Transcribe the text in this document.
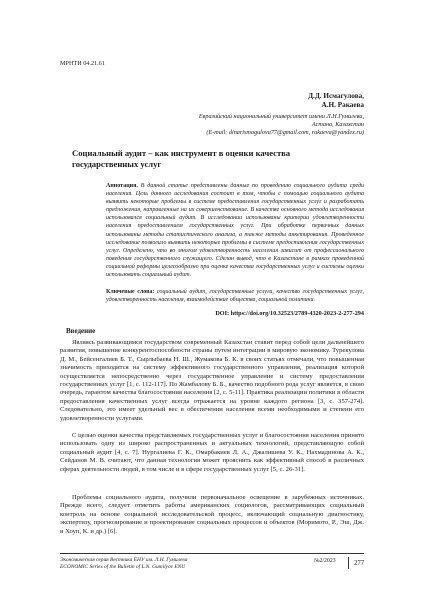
МРНТИ 04.21.61
Д.Д. Исмагулова,
А.Н. Ракаева
Евразийский национальный университет имени Л.Н.Гумилева,
Астана, Казахстан
(E-mail: dinarismagulova77@gmail.com, rakaeva@yandex.ru)
Социальный аудит – как инструмент в оценки качества
государственных услуг
Аннотация. В данной статье представлены данные по проведению социального аудита среди населения. Цель данного исследования состоит в том, чтобы с помощью социального аудита выявить некоторые проблемы в системе предоставления государственных услуг и разработать предложения, направленные на их совершенствование. В качестве основного метода исследования использовался социальный аудит. В исследовании использованы критерии удовлетворенности населения предоставлением государственных услуг. При обработке первичных данных использованы методы статистического анализа, а также методы анкетирования. Проведенное исследование позволило выявить некоторые проблемы в системе предоставления государственных услуг. Определено, что во многом удовлетворенность населения зависит от профессионального поведения государственного служащего. Сделан вывод, что в Казахстане в рамках проведенной социальной реформы целесообразно при оценке качества государственных услуг и системы оценки использовать социальный аудит.
Ключевые слова: социальный аудит, государственные услуги, качество государственных услуг, удовлетворенность населения, взаимодействие общества, социальной политики.
DOI: https://doi.org/10.32523/2789-4320-2023-2-277-294
Введение
Являясь развивающимся государством современный Казахстан ставит перед собой цели дальнейшего развития, повышение конкурентоспособности страны путем интеграции в мировую экономику. Турекулова Д. М., Бейсенгалиев Б. Т., Сырлыбаева Н. Ш., Жумакова Б. К. в своих статьях отмечали, что повышенная значимость приходится на систему эффективного государственного управления, реализация которой осуществляется непосредственно через государственное управление и систему предоставления государственных услуг [1, с. 112-117]. По Жамбалову Б. Б., качество подобного рода услуг является, в свою очередь, гарантом качества благосостояния населения [2, с. 5-11]. Практика реализации политики в области предоставления качественных услуг всегда отражается на уровне каждого региона [3, с. 357-274]. Следовательно, это имеет удельный вес в обеспечении населения всеми необходимыми и степени его удовлетворенности услугами.
С целью оценки качества представляемых государственных услуг и благосостояния населения принято использовать одну из широко распространенных и актуальных технологий, представляющую собой социальный аудит [4, с. 7]. Нургалиева Г. К., Омарбакиев Л. А., Джалишева У. К., Нахмадинова А. К., Сейданов М. В. считают, что данная технология может прояснить как эффективный способ в различных сферах деятельности людей, в том числе и в сфере государственных услуг [5, с. 26-31].
Проблемы социального аудита, получили первоначальное освещение в зарубежных источниках. Прежде всего, следует отметить работы американских социологов, рассматривающих социальный контроль на основе социальной исследовательской процесс, включающий социальную диагностику, экспертизу, прогнозирование и проектирование социальных процессов и объектов (Моримото, Р., Эш, Дж. и Хоуп, К. и др.) [6].
Экономическая серия Вестника ЕНУ им. Л.Н. Гумилева
ECONOMIC Series of the Bulletin of L.N. Gumilyov ENU
№2/2023	277
